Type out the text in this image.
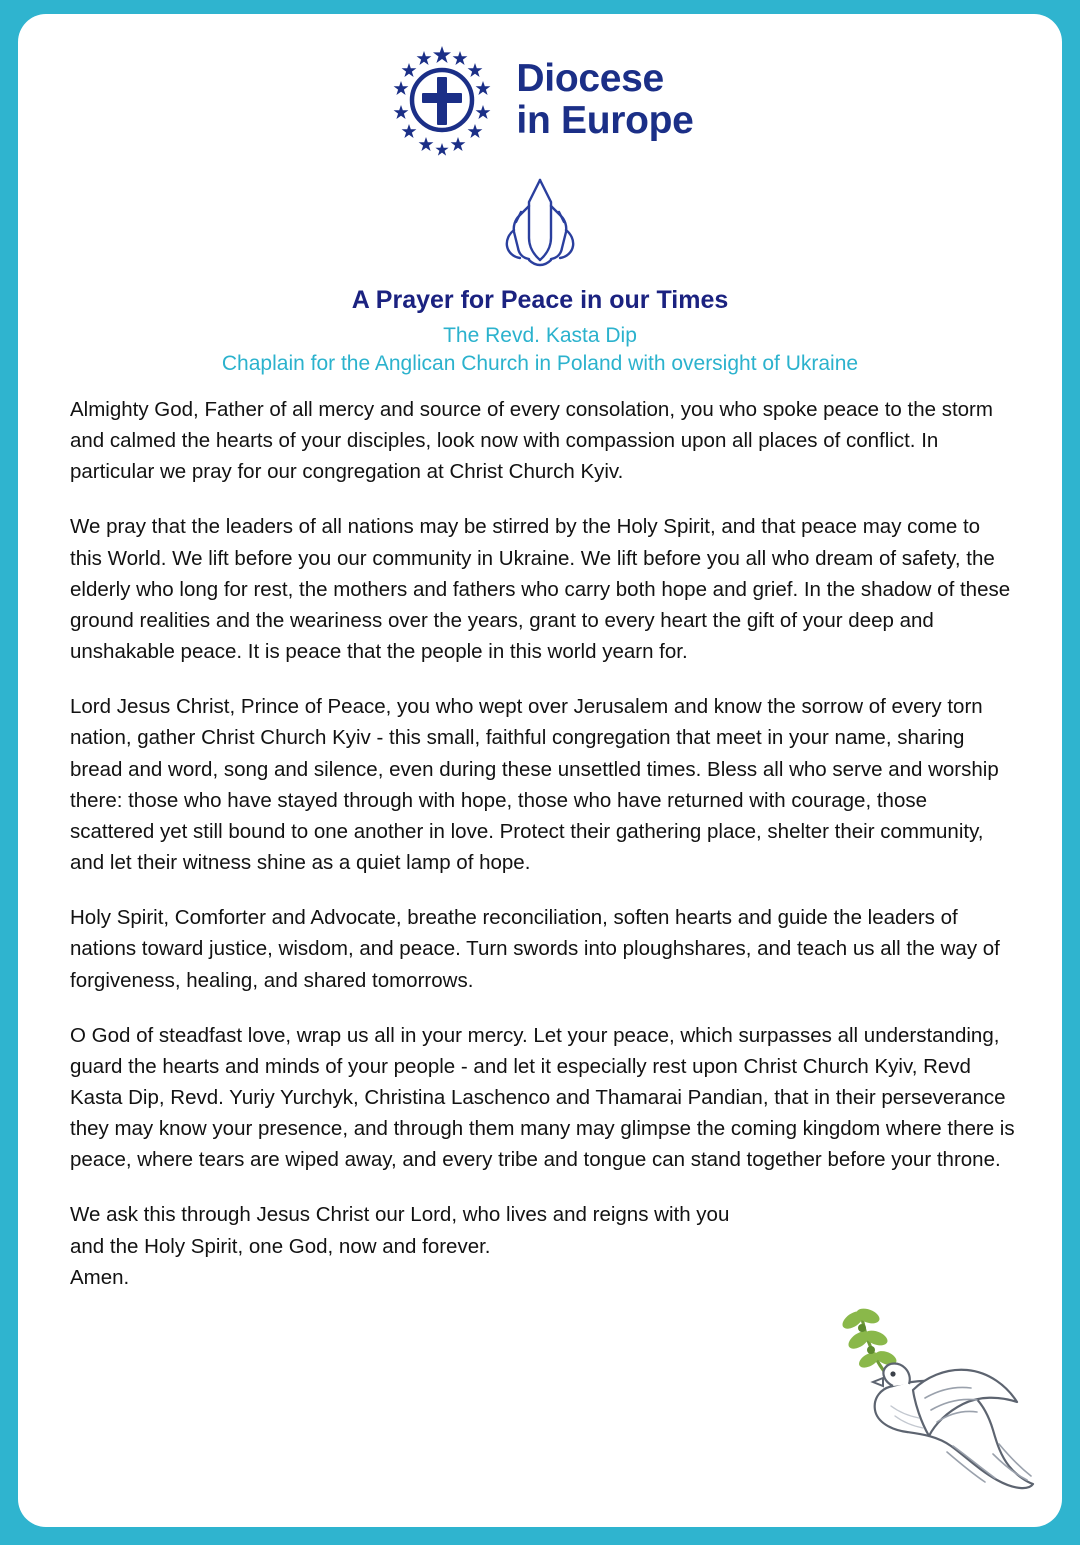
Diocese
in Europe
A Prayer for Peace in our Times
The Revd. Kasta Dip
Chaplain for the Anglican Church in Poland with oversight of Ukraine

Almighty God, Father of all mercy and source of every consolation, you who spoke peace to the storm and calmed the hearts of your disciples, look now with compassion upon all places of conflict. In particular we pray for our congregation at Christ Church Kyiv.

We pray that the leaders of all nations may be stirred by the Holy Spirit, and that peace may come to this World. We lift before you our community in Ukraine. We lift before you all who dream of safety, the elderly who long for rest, the mothers and fathers who carry both hope and grief. In the shadow of these ground realities and the weariness over the years, grant to every heart the gift of your deep and unshakable peace. It is peace that the people in this world yearn for.

Lord Jesus Christ, Prince of Peace, you who wept over Jerusalem and know the sorrow of every torn nation, gather Christ Church Kyiv - this small, faithful congregation that meet in your name, sharing bread and word, song and silence, even during these unsettled times. Bless all who serve and worship there: those who have stayed through with hope, those who have returned with courage, those scattered yet still bound to one another in love. Protect their gathering place, shelter their community, and let their witness shine as a quiet lamp of hope.

Holy Spirit, Comforter and Advocate, breathe reconciliation, soften hearts and guide the leaders of nations toward justice, wisdom, and peace. Turn swords into ploughshares, and teach us all the way of forgiveness, healing, and shared tomorrows.

O God of steadfast love, wrap us all in your mercy. Let your peace, which surpasses all understanding, guard the hearts and minds of your people - and let it especially rest upon Christ Church Kyiv, Revd Kasta Dip, Revd. Yuriy Yurchyk, Christina Laschenco and Thamarai Pandian, that in their perseverance they may know your presence, and through them many may glimpse the coming kingdom where there is peace, where tears are wiped away, and every tribe and tongue can stand together before your throne.

We ask this through Jesus Christ our Lord, who lives and reigns with you
and the Holy Spirit, one God, now and forever.
Amen.
